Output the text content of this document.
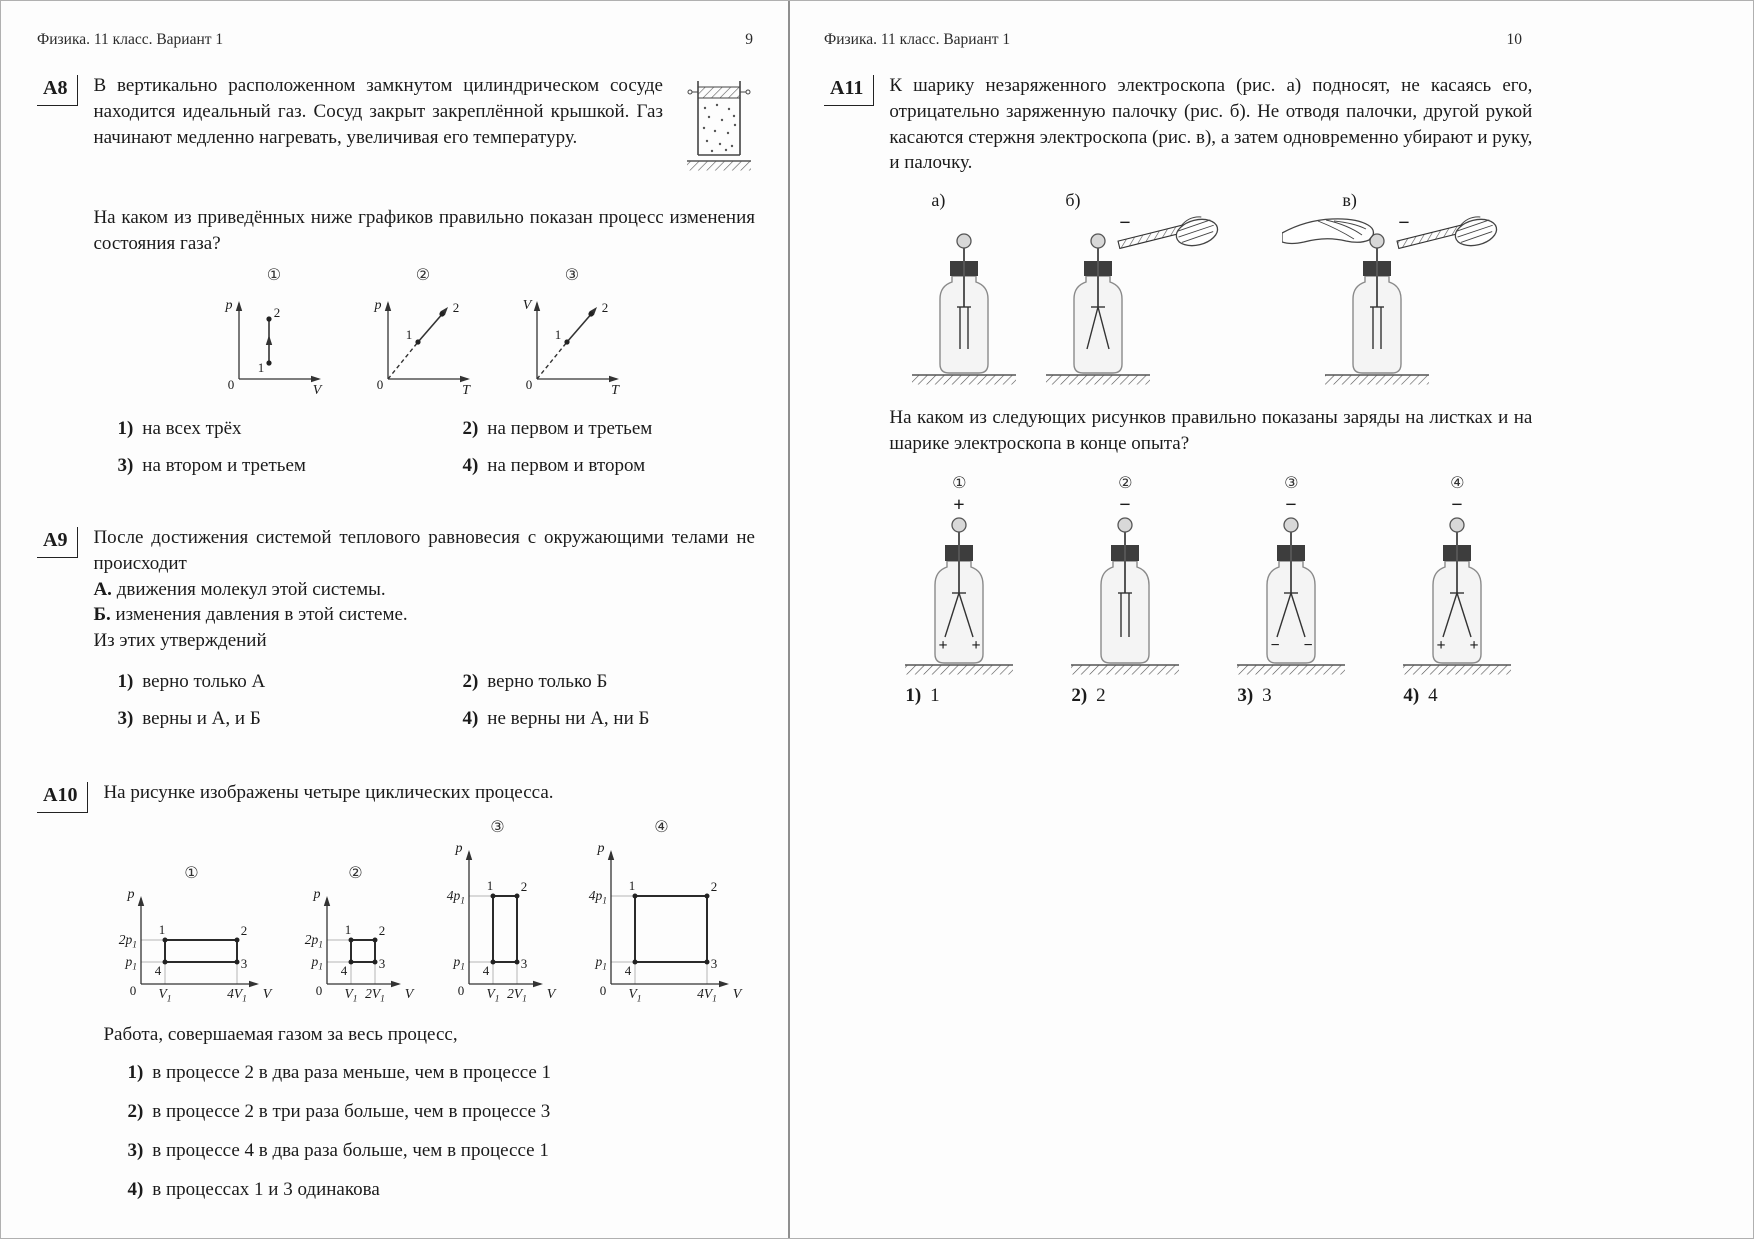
Физика. 11 класс. Вариант 1	9
А8	В вертикально расположенном замкнутом цилиндрическом сосуде находится идеальный газ. Сосуд закрыт закреплённой крышкой. Газ начинают медленно нагревать, увеличивая его температуру.
На каком из приведённых ниже графиков правильно показан процесс изменения состояния газа?
①
p
V
0
1
2
②
p
T
0
1
2
③
V
T
0
1
2
1) на всех трёх	2) на первом и третьем
3) на втором и третьем	4) на первом и втором
А9	После достижения системой теплового равновесия с окружающими телами не происходит
А. движения молекул этой системы.
Б. изменения давления в этой системе.
Из этих утверждений
1) верно только А	2) верно только Б
3) верны и А, и Б	4) не верны ни А, ни Б
А10	На рисунке изображены четыре циклических процесса.
①
1	2
3
4
$2p_1$
$p_1$
$V_1$	$4V_1$
0
p
V
②
1 2
3
4
$2p_1$
$p_1$
$V_1$ $2V_1$
0
p
V
③
1 2
3
4
$4p_1$
$p_1$
$V_1$ $2V_1$
0
p
V
④
1	2
3
4
$4p_1$
$p_1$
$V_1$	$4V_1$
0
p
V
Работа, совершаемая газом за весь процесс,
1) в процессе 2 в два раза меньше, чем в процессе 1
2) в процессе 2 в три раза больше, чем в процессе 3
3) в процессе 4 в два раза больше, чем в процессе 1
4) в процессах 1 и 3 одинакова
Физика. 11 класс. Вариант 1	10
А11	К шарику незаряженного электроскопа (рис. а) подносят, не касаясь его, отрицательно заряженную палочку (рис. б). Не отводя палочки, другой рукой касаются стержня электроскопа (рис. в), а затем одновременно убирают и руку, и палочку.
а)	б)
−
в)
−
На каком из следующих рисунков правильно показаны заряды на листках и на шарике электроскопа в конце опыта?
①
+
+ +
1) 1
②
−
2) 2
③
−
− −
3) 3
④
−
+ +
4) 4
